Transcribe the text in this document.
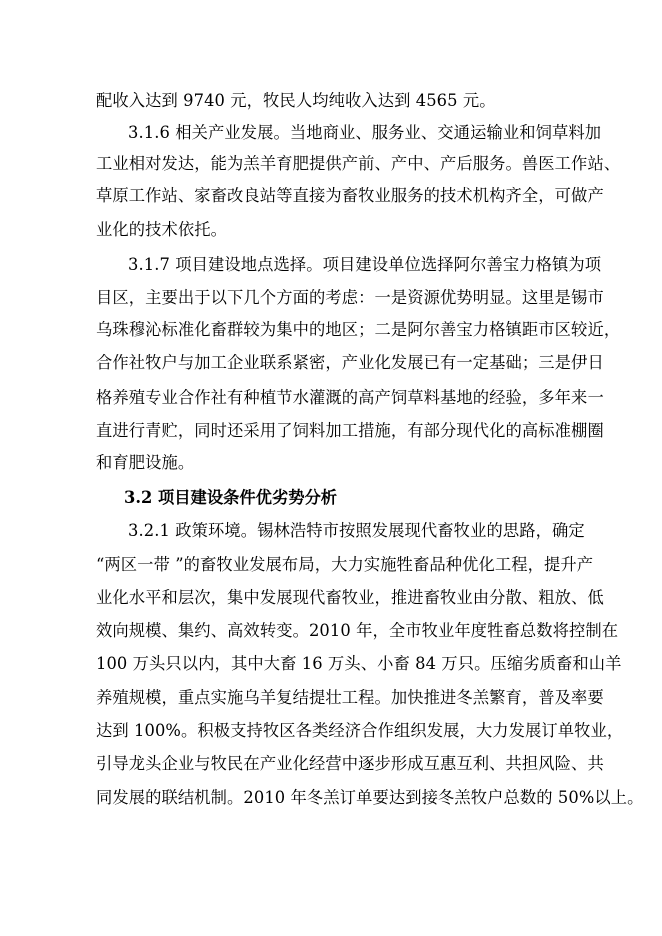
配收入达到 9740 元，牧民人均纯收入达到 4565 元。
3.1.6 相关产业发展。当地商业、服务业、交通运输业和饲草料加
工业相对发达，能为羔羊育肥提供产前、产中、产后服务。兽医工作站、
草原工作站、家畜改良站等直接为畜牧业服务的技术机构齐全，可做产
业化的技术依托。
3.1.7 项目建设地点选择。项目建设单位选择阿尔善宝力格镇为项
目区，主要出于以下几个方面的考虑：一是资源优势明显。这里是锡市
乌珠穆沁标准化畜群较为集中的地区；二是阿尔善宝力格镇距市区较近，
合作社牧户与加工企业联系紧密，产业化发展已有一定基础；三是伊日
格养殖专业合作社有种植节水灌溉的高产饲草料基地的经验，多年来一
直进行青贮，同时还采用了饲料加工措施，有部分现代化的高标准棚圈
和育肥设施。
3.2 项目建设条件优劣势分析
3.2.1 政策环境。锡林浩特市按照发展现代畜牧业的思路，确定
“两区一带 ”的畜牧业发展布局，大力实施牲畜品种优化工程，提升产
业化水平和层次，集中发展现代畜牧业，推进畜牧业由分散、粗放、低
效向规模、集约、高效转变。2010 年，全市牧业年度牲畜总数将控制在
100 万头只以内，其中大畜 16 万头、小畜 84 万只。压缩劣质畜和山羊
养殖规模，重点实施乌羊复结提壮工程。加快推进冬羔繁育，普及率要
达到 100%。积极支持牧区各类经济合作组织发展，大力发展订单牧业，
引导龙头企业与牧民在产业化经营中逐步形成互惠互利、共担风险、共
同发展的联结机制。2010 年冬羔订单要达到接冬羔牧户总数的 50%以上。
